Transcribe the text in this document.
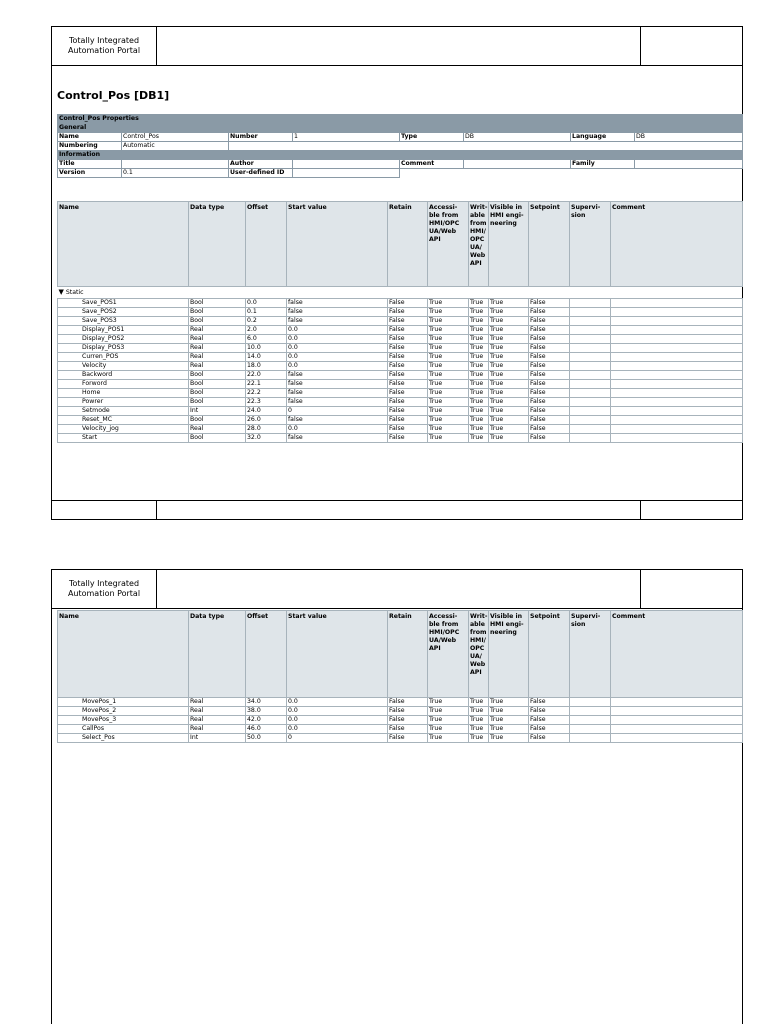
Totally Integrated
Automation Portal
Control_Pos [DB1]
Control_Pos Properties							
General							
Name	Control_Pos	Number	1	Type	DB	Language	DB
Numbering	Automatic						
Information							
Title		Author		Comment		Family	
Version	0.1	User-defined ID					
Name	Data type	Offset	Start value	Retain	Accessi-ble from HMI/OPC UA/Web API	Writ-able from HMI/ OPC UA/ Web API	Visible in HMI engi-neering	Setpoint	Supervi-sion	Comment
▼ Static										
Save_POS1	Bool	0.0	false	False	True	True	True	False		
Save_POS2	Bool	0.1	false	False	True	True	True	False		
Save_POS3	Bool	0.2	false	False	True	True	True	False		
Display_POS1	Real	2.0	0.0	False	True	True	True	False		
Display_POS2	Real	6.0	0.0	False	True	True	True	False		
Display_POS3	Real	10.0	0.0	False	True	True	True	False		
Curren_POS	Real	14.0	0.0	False	True	True	True	False		
Velocity	Real	18.0	0.0	False	True	True	True	False		
Backword	Bool	22.0	false	False	True	True	True	False		
Forword	Bool	22.1	false	False	True	True	True	False		
Home	Bool	22.2	false	False	True	True	True	False		
Powrer	Bool	22.3	false	False	True	True	True	False		
Setmode	Int	24.0	0	False	True	True	True	False		
Reset_MC	Bool	26.0	false	False	True	True	True	False		
Velocity_jog	Real	28.0	0.0	False	True	True	True	False		
Start	Bool	32.0	false	False	True	True	True	False		
Totally Integrated
Automation Portal
Name	Data type	Offset	Start value	Retain	Accessi-ble from HMI/OPC UA/Web API	Writ-able from HMI/ OPC UA/ Web API	Visible in HMI engi-neering	Setpoint	Supervi-sion	Comment
MovePos_1	Real	34.0	0.0	False	True	True	True	False		
MovePos_2	Real	38.0	0.0	False	True	True	True	False		
MovePos_3	Real	42.0	0.0	False	True	True	True	False		
CallPos	Real	46.0	0.0	False	True	True	True	False		
Select_Pos	Int	50.0	0	False	True	True	True	False		
